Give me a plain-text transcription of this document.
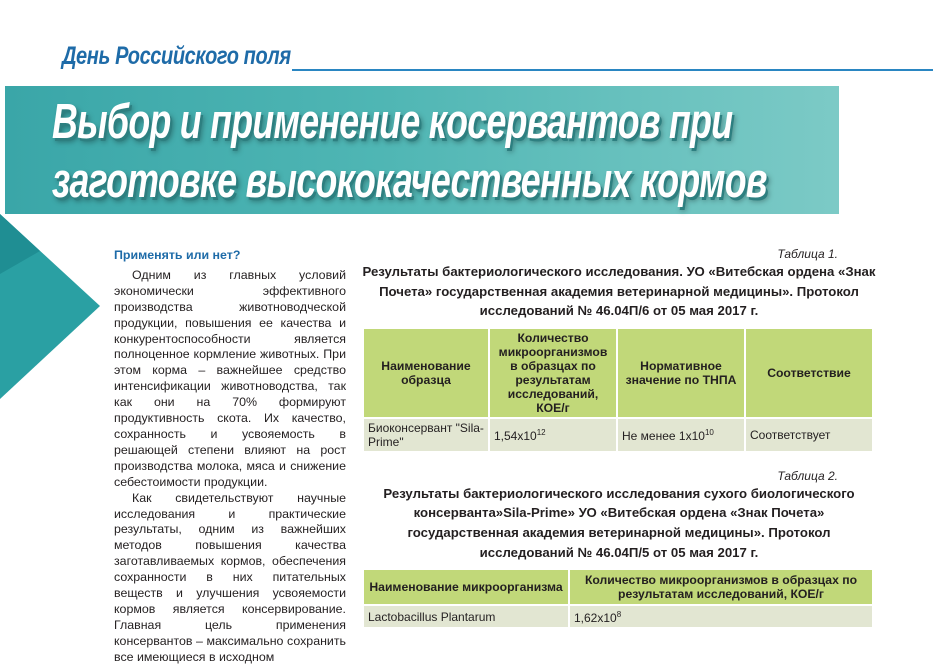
День Российского поля
Выбор и применение косервантов при
заготовке высококачественных кормов
Применять или нет?

Одним из главных условий экономически эффективного производства животноводческой продукции, повышения ее качества и конкурентоспособности является полноценное кормление животных. При этом корма – важнейшее средство интенсификации животноводства, так как они на 70% формируют продуктивность скота. Их качество, сохранность и усвояемость в решающей степени влияют на рост производства молока, мяса и снижение себестоимости продукции.

Как свидетельствуют научные исследования и практические результаты, одним из важнейших методов повышения качества заготавливаемых кормов, обеспечения сохранности в них питательных веществ и улучшения усвояемости кормов является консервирование. Главная цель применения консервантов – максимально сохранить все имеющиеся в исходном

Таблица 1.
Результаты бактериологического исследования. УО «Витебская ордена «Знак Почета» государственная академия ветеринарной медицины». Протокол исследований № 46.04П/6 от 05 мая 2017 г.
Наименование образца	Количество микроорганизмов в образцах по результатам исследований, КОЕ/г	Нормативное значение по ТНПА	Соответствие
Биоконсервант "Sila-Prime"	$1,54x10^{12}$	Не менее $1x10^{10}$	Соответствует
Таблица 2.
Результаты бактериологического исследования сухого биологического консерванта»Sila-Prime» УО «Витебская ордена «Знак Почета» государственная академия ветеринарной медицины». Протокол исследований № 46.04П/5 от 05 мая 2017 г.
Наименование микроорганизма	Количество микроорганизмов в образцах по результатам исследований, КОЕ/г
Lactobacillus Plantarum	$1,62x10^8$
